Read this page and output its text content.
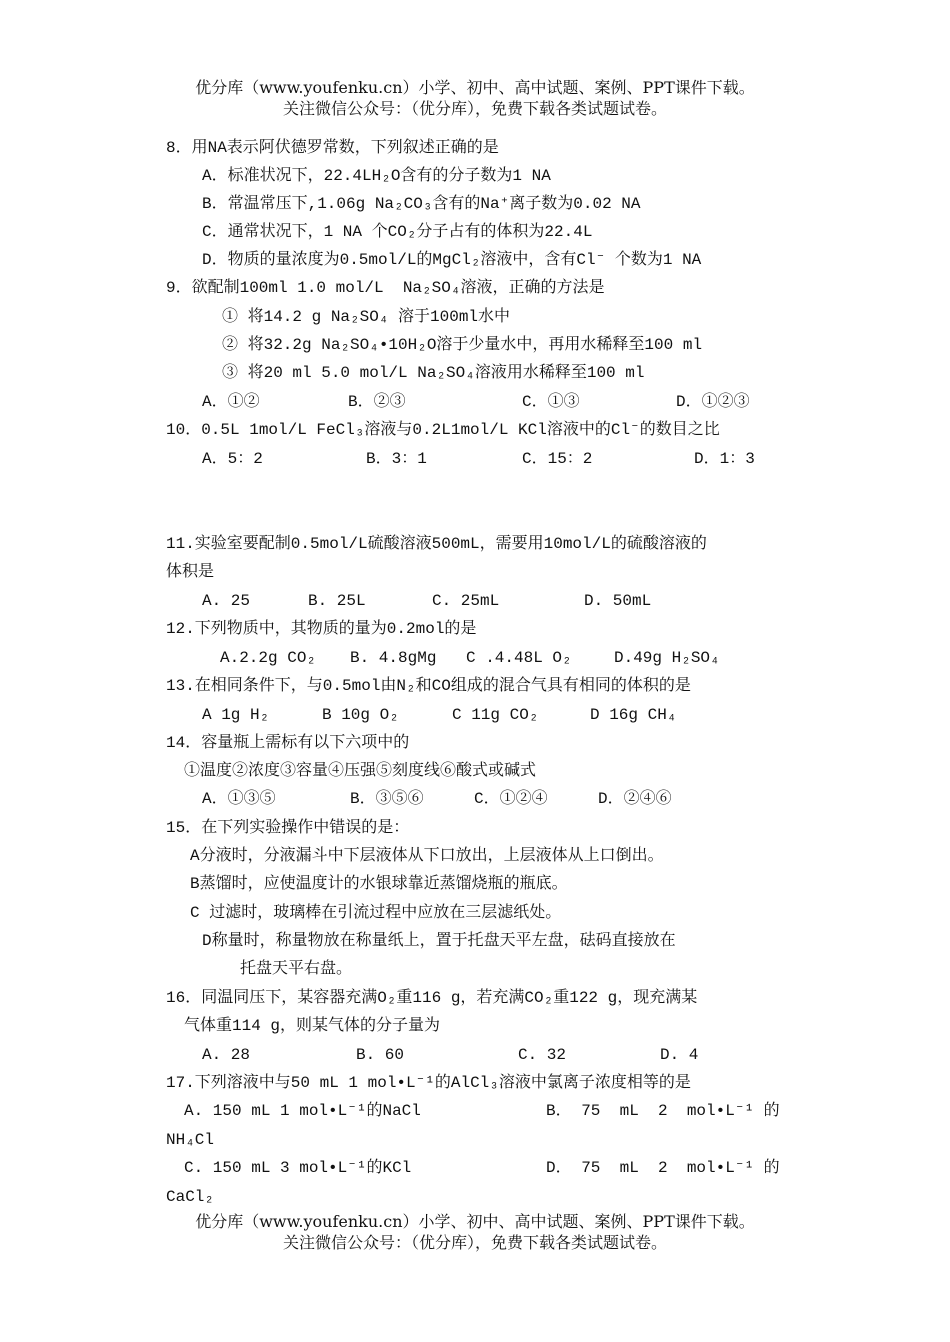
优分库（www.youfenku.cn）小学、初中、高中试题、案例、PPT课件下载。
关注微信公众号：（优分库），免费下载各类试题试卷。
8．用NA表示阿伏德罗常数，下列叙述正确的是
A．标准状况下，22.4LH₂O含有的分子数为1 NA
B．常温常压下,1.06g Na₂CO₃含有的Na⁺离子数为0.02 NA
C．通常状况下，1 NA 个CO₂分子占有的体积为22.4L
D．物质的量浓度为0.5mol/L的MgCl₂溶液中，含有Cl⁻ 个数为1 NA
9．欲配制100ml 1.0 mol/L  Na₂SO₄溶液，正确的方法是
① 将14.2 g Na₂SO₄ 溶于100ml水中
② 将32.2g Na₂SO₄•10H₂O溶于少量水中，再用水稀释至100 ml
③ 将20 ml 5.0 mol/L Na₂SO₄溶液用水稀释至100 ml
A．①②	B．②③	C．①③	D．①②③
10．0.5L 1mol/L FeCl₃溶液与0.2L1mol/L KCl溶液中的Cl⁻的数目之比
A．5：2	B．3：1	C．15：2	D．1：3
11.实验室要配制0.5mol/L硫酸溶液500mL，需要用10mol/L的硫酸溶液的
体积是
A. 25	B. 25L	C. 25mL	D. 50mL
12.下列物质中，其物质的量为0.2mol的是
A.2.2g CO₂ B. 4.8gMg C .4.48L O₂	D.49g H₂SO₄
13.在相同条件下，与0.5mol由N₂和CO组成的混合气具有相同的体积的是
A 1g H₂	B 10g O₂	C 11g CO₂	D 16g CH₄
14．容量瓶上需标有以下六项中的
①温度②浓度③容量④压强⑤刻度线⑥酸式或碱式
A．①③⑤	B．③⑤⑥	C．①②④	D．②④⑥
15．在下列实验操作中错误的是：
A分液时，分液漏斗中下层液体从下口放出，上层液体从上口倒出。
B蒸馏时，应使温度计的水银球靠近蒸馏烧瓶的瓶底。
C 过滤时，玻璃棒在引流过程中应放在三层滤纸处。
D称量时，称量物放在称量纸上，置于托盘天平左盘，砝码直接放在
托盘天平右盘。
16．同温同压下，某容器充满O₂重116 g，若充满CO₂重122 g，现充满某
气体重114 g，则某气体的分子量为
A. 28	B. 60	C. 32	D. 4
17.下列溶液中与50 mL 1 mol•L⁻¹的AlCl₃溶液中氯离子浓度相等的是
A. 150 mL 1 mol•L⁻¹的NaCl	B． 75  mL  2  mol•L⁻¹ 的
NH₄Cl
C. 150 mL 3 mol•L⁻¹的KCl	D． 75  mL  2  mol•L⁻¹ 的
CaCl₂
优分库（www.youfenku.cn）小学、初中、高中试题、案例、PPT课件下载。
关注微信公众号：（优分库），免费下载各类试题试卷。
